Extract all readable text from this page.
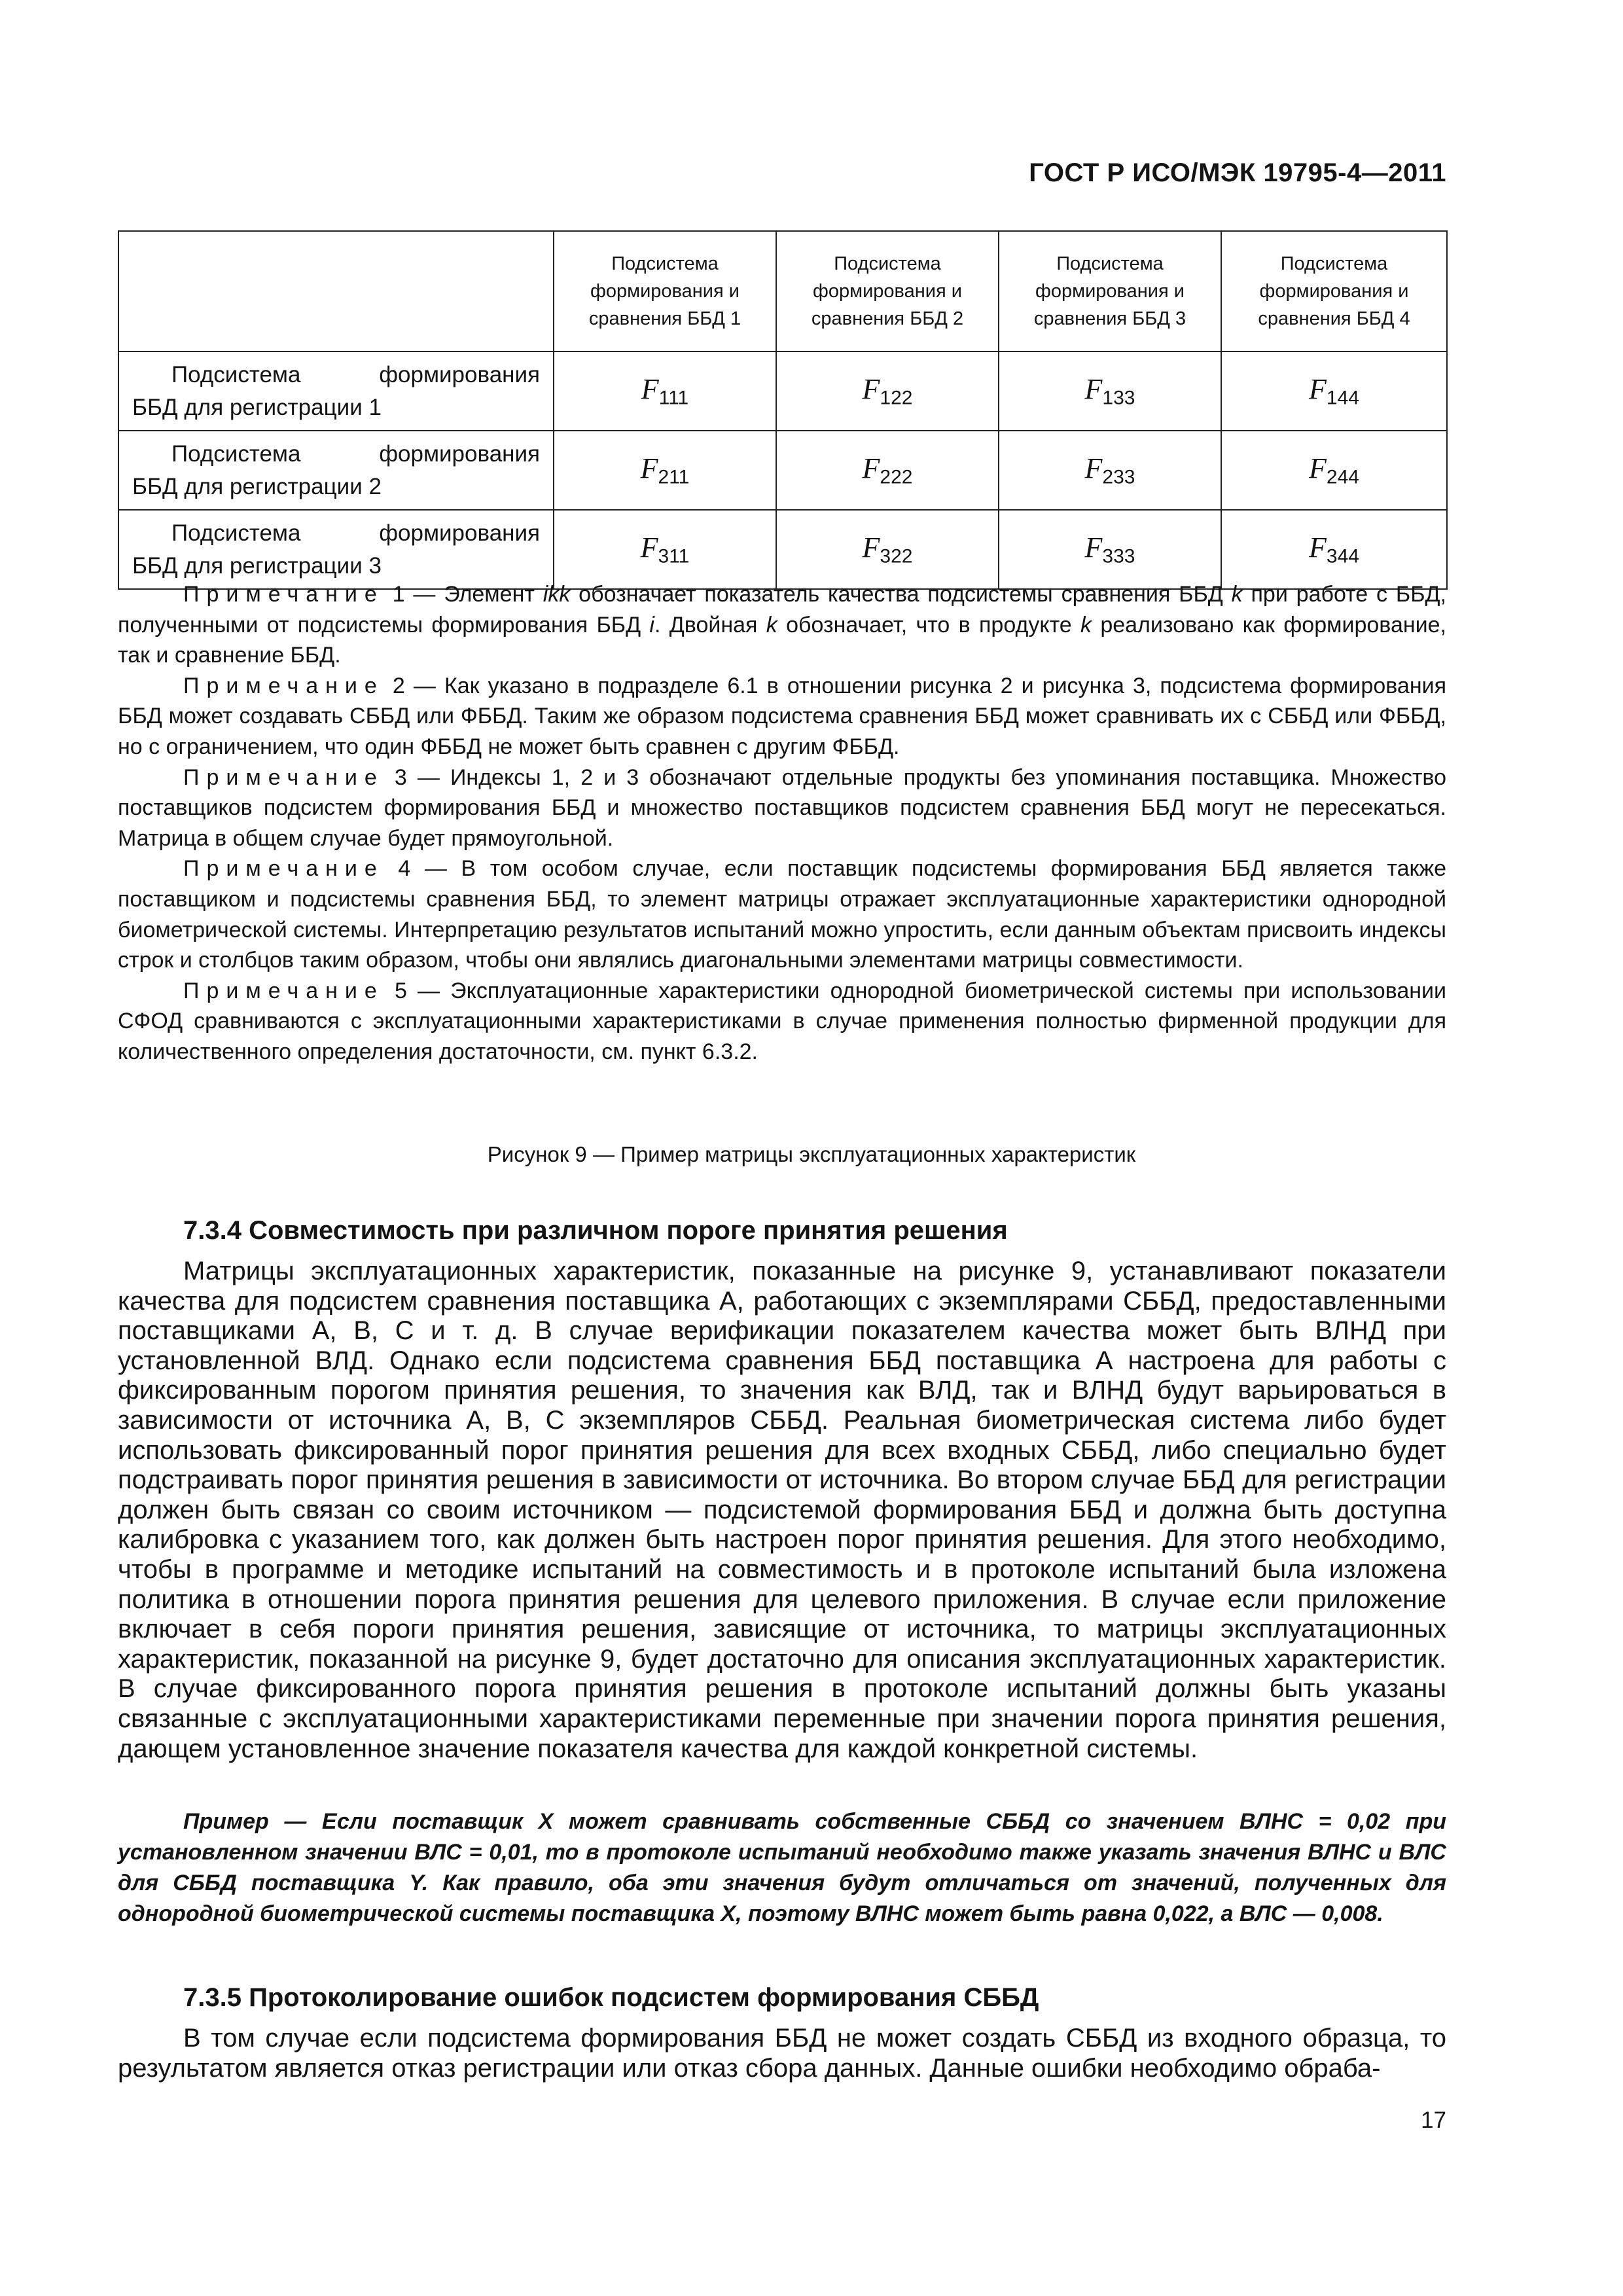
ГОСТ Р ИСО/МЭК 19795-4—2011

	Подсистема
формирования и
сравнения ББД 1	Подсистема
формирования и
сравнения ББД 2	Подсистема
формирования и
сравнения ББД 3	Подсистема
формирования и
сравнения ББД 4

Подсистема формирования
ББД для регистрации 1	$F_{111}$	$F_{122}$	$F_{133}$	$F_{144}$

Подсистема формирования
ББД для регистрации 2	$F_{211}$	$F_{222}$	$F_{233}$	$F_{244}$

Подсистема формирования
ББД для регистрации 3	$F_{311}$	$F_{322}$	$F_{333}$	$F_{344}$

Примечание 1 — Элемент ikk обозначает показатель качества подсистемы сравнения ББД k при работе с ББД, полученными от подсистемы формирования ББД i. Двойная k обозначает, что в продукте k реализовано как формирование, так и сравнение ББД.

Примечание 2 — Как указано в подразделе 6.1 в отношении рисунка 2 и рисунка 3, подсистема формирования ББД может создавать СББД или ФББД. Таким же образом подсистема сравнения ББД может сравнивать их с СББД или ФББД, но с ограничением, что один ФББД не может быть сравнен с другим ФББД.

Примечание 3 — Индексы 1, 2 и 3 обозначают отдельные продукты без упоминания поставщика. Множество поставщиков подсистем формирования ББД и множество поставщиков подсистем сравнения ББД могут не пересекаться. Матрица в общем случае будет прямоугольной.

Примечание 4 — В том особом случае, если поставщик подсистемы формирования ББД является также поставщиком и подсистемы сравнения ББД, то элемент матрицы отражает эксплуатационные характеристики однородной биометрической системы. Интерпретацию результатов испытаний можно упростить, если данным объектам присвоить индексы строк и столбцов таким образом, чтобы они являлись диагональными элементами матрицы совместимости.

Примечание 5 — Эксплуатационные характеристики однородной биометрической системы при использовании СФОД сравниваются с эксплуатационными характеристиками в случае применения полностью фирменной продукции для количественного определения достаточности, см. пункт 6.3.2.

Рисунок 9 — Пример матрицы эксплуатационных характеристик
7.3.4 Совместимость при различном пороге принятия решения

Матрицы эксплуатационных характеристик, показанные на рисунке 9, устанавливают показатели качества для подсистем сравнения поставщика А, работающих с экземплярами СББД, предоставленными поставщиками А, В, С и т. д. В случае верификации показателем качества может быть ВЛНД при установленной ВЛД. Однако если подсистема сравнения ББД поставщика А настроена для работы с фиксированным порогом принятия решения, то значения как ВЛД, так и ВЛНД будут варьироваться в зависимости от источника А, В, С экземпляров СББД. Реальная биометрическая система либо будет использовать фиксированный порог принятия решения для всех входных СББД, либо специально будет подстраивать порог принятия решения в зависимости от источника. Во втором случае ББД для регистрации должен быть связан со своим источником — подсистемой формирования ББД и должна быть доступна калибровка с указанием того, как должен быть настроен порог принятия решения. Для этого необходимо, чтобы в программе и методике испытаний на совместимость и в протоколе испытаний была изложена политика в отношении порога принятия решения для целевого приложения. В случае если приложение включает в себя пороги принятия решения, зависящие от источника, то матрицы эксплуатационных характеристик, показанной на рисунке 9, будет достаточно для описания эксплуатационных характеристик. В случае фиксированного порога принятия решения в протоколе испытаний должны быть указаны связанные с эксплуатационными характеристиками переменные при значении порога принятия решения, дающем установленное значение показателя качества для каждой конкретной системы.

Пример — Если поставщик X может сравнивать собственные СББД со значением ВЛНС = 0,02 при установленном значении ВЛС = 0,01, то в протоколе испытаний необходимо также указать значения ВЛНС и ВЛС для СББД поставщика Y. Как правило, оба эти значения будут отличаться от значений, полученных для однородной биометрической системы поставщика X, поэтому ВЛНС может быть равна 0,022, а ВЛС — 0,008.

7.3.5 Протоколирование ошибок подсистем формирования СББД

В том случае если подсистема формирования ББД не может создать СББД из входного образца, то результатом является отказ регистрации или отказ сбора данных. Данные ошибки необходимо обраба-

17
